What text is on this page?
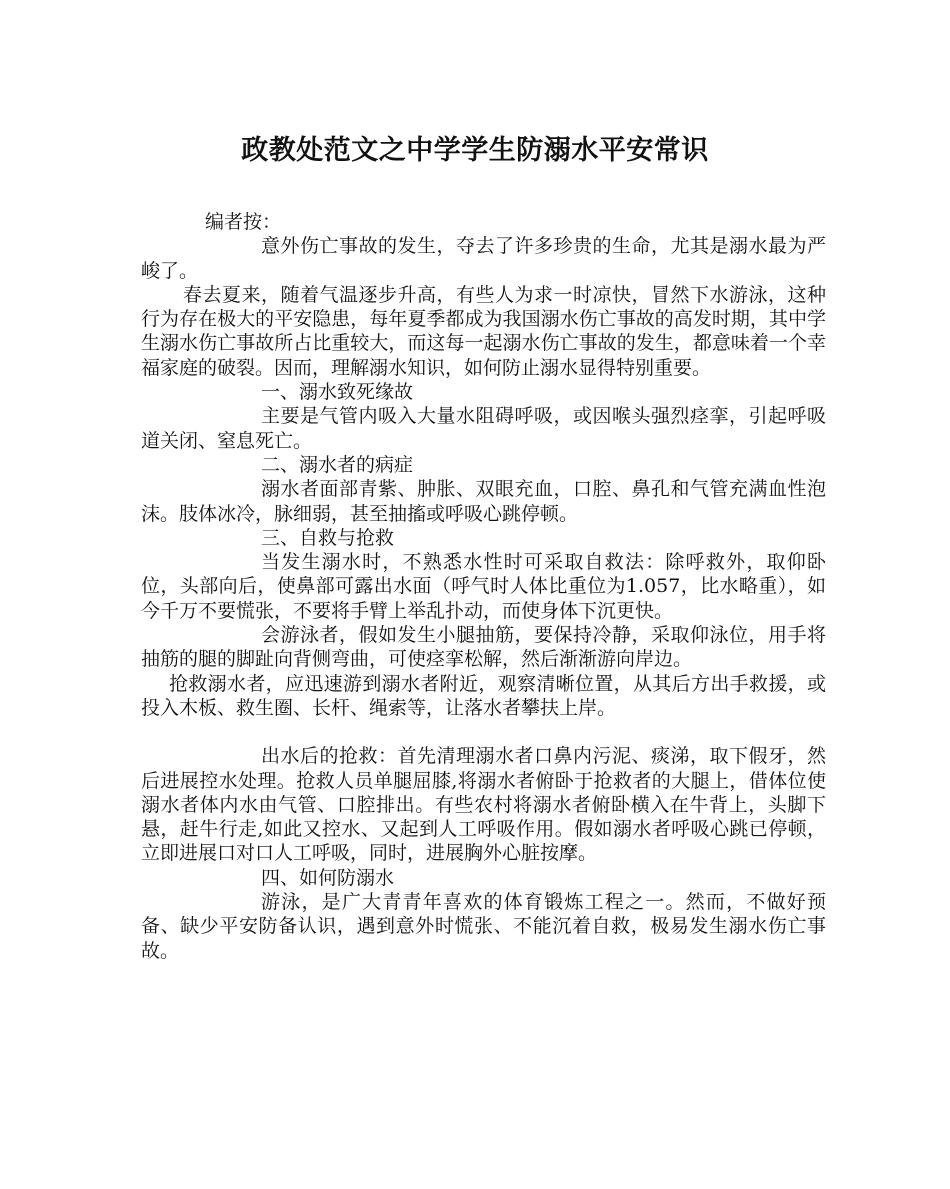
政教处范文之中学学生防溺水平安常识

编者按：

意外伤亡事故的发生，夺去了许多珍贵的生命，尤其是溺水最为严峻了。

春去夏来，随着气温逐步升高，有些人为求一时凉快，冒然下水游泳，这种行为存在极大的平安隐患，每年夏季都成为我国溺水伤亡事故的高发时期，其中学生溺水伤亡事故所占比重较大，而这每一起溺水伤亡事故的发生，都意味着一个幸福家庭的破裂。因而，理解溺水知识，如何防止溺水显得特别重要。

一、溺水致死缘故

主要是气管内吸入大量水阻碍呼吸，或因喉头强烈痉挛，引起呼吸道关闭、窒息死亡。

二、溺水者的病症

溺水者面部青紫、肿胀、双眼充血，口腔、鼻孔和气管充满血性泡沫。肢体冰冷，脉细弱，甚至抽搐或呼吸心跳停顿。

三、自救与抢救

当发生溺水时，不熟悉水性时可采取自救法：除呼救外，取仰卧位，头部向后，使鼻部可露出水面（呼气时人体比重位为1.057，比水略重），如今千万不要慌张，不要将手臂上举乱扑动，而使身体下沉更快。

会游泳者，假如发生小腿抽筋，要保持冷静，采取仰泳位，用手将抽筋的腿的脚趾向背侧弯曲，可使痉挛松解，然后渐渐游向岸边。

抢救溺水者，应迅速游到溺水者附近，观察清晰位置，从其后方出手救援，或投入木板、救生圈、长杆、绳索等，让落水者攀扶上岸。

出水后的抢救：首先清理溺水者口鼻内污泥、痰涕，取下假牙，然后进展控水处理。抢救人员单腿屈膝,将溺水者俯卧于抢救者的大腿上，借体位使溺水者体内水由气管、口腔排出。有些农村将溺水者俯卧横入在牛背上，头脚下悬，赶牛行走,如此又控水、又起到人工呼吸作用。假如溺水者呼吸心跳已停顿，立即进展口对口人工呼吸，同时，进展胸外心脏按摩。

四、如何防溺水

游泳，是广大青青年喜欢的体育锻炼工程之一。然而，不做好预备、缺少平安防备认识，遇到意外时慌张、不能沉着自救，极易发生溺水伤亡事故。
